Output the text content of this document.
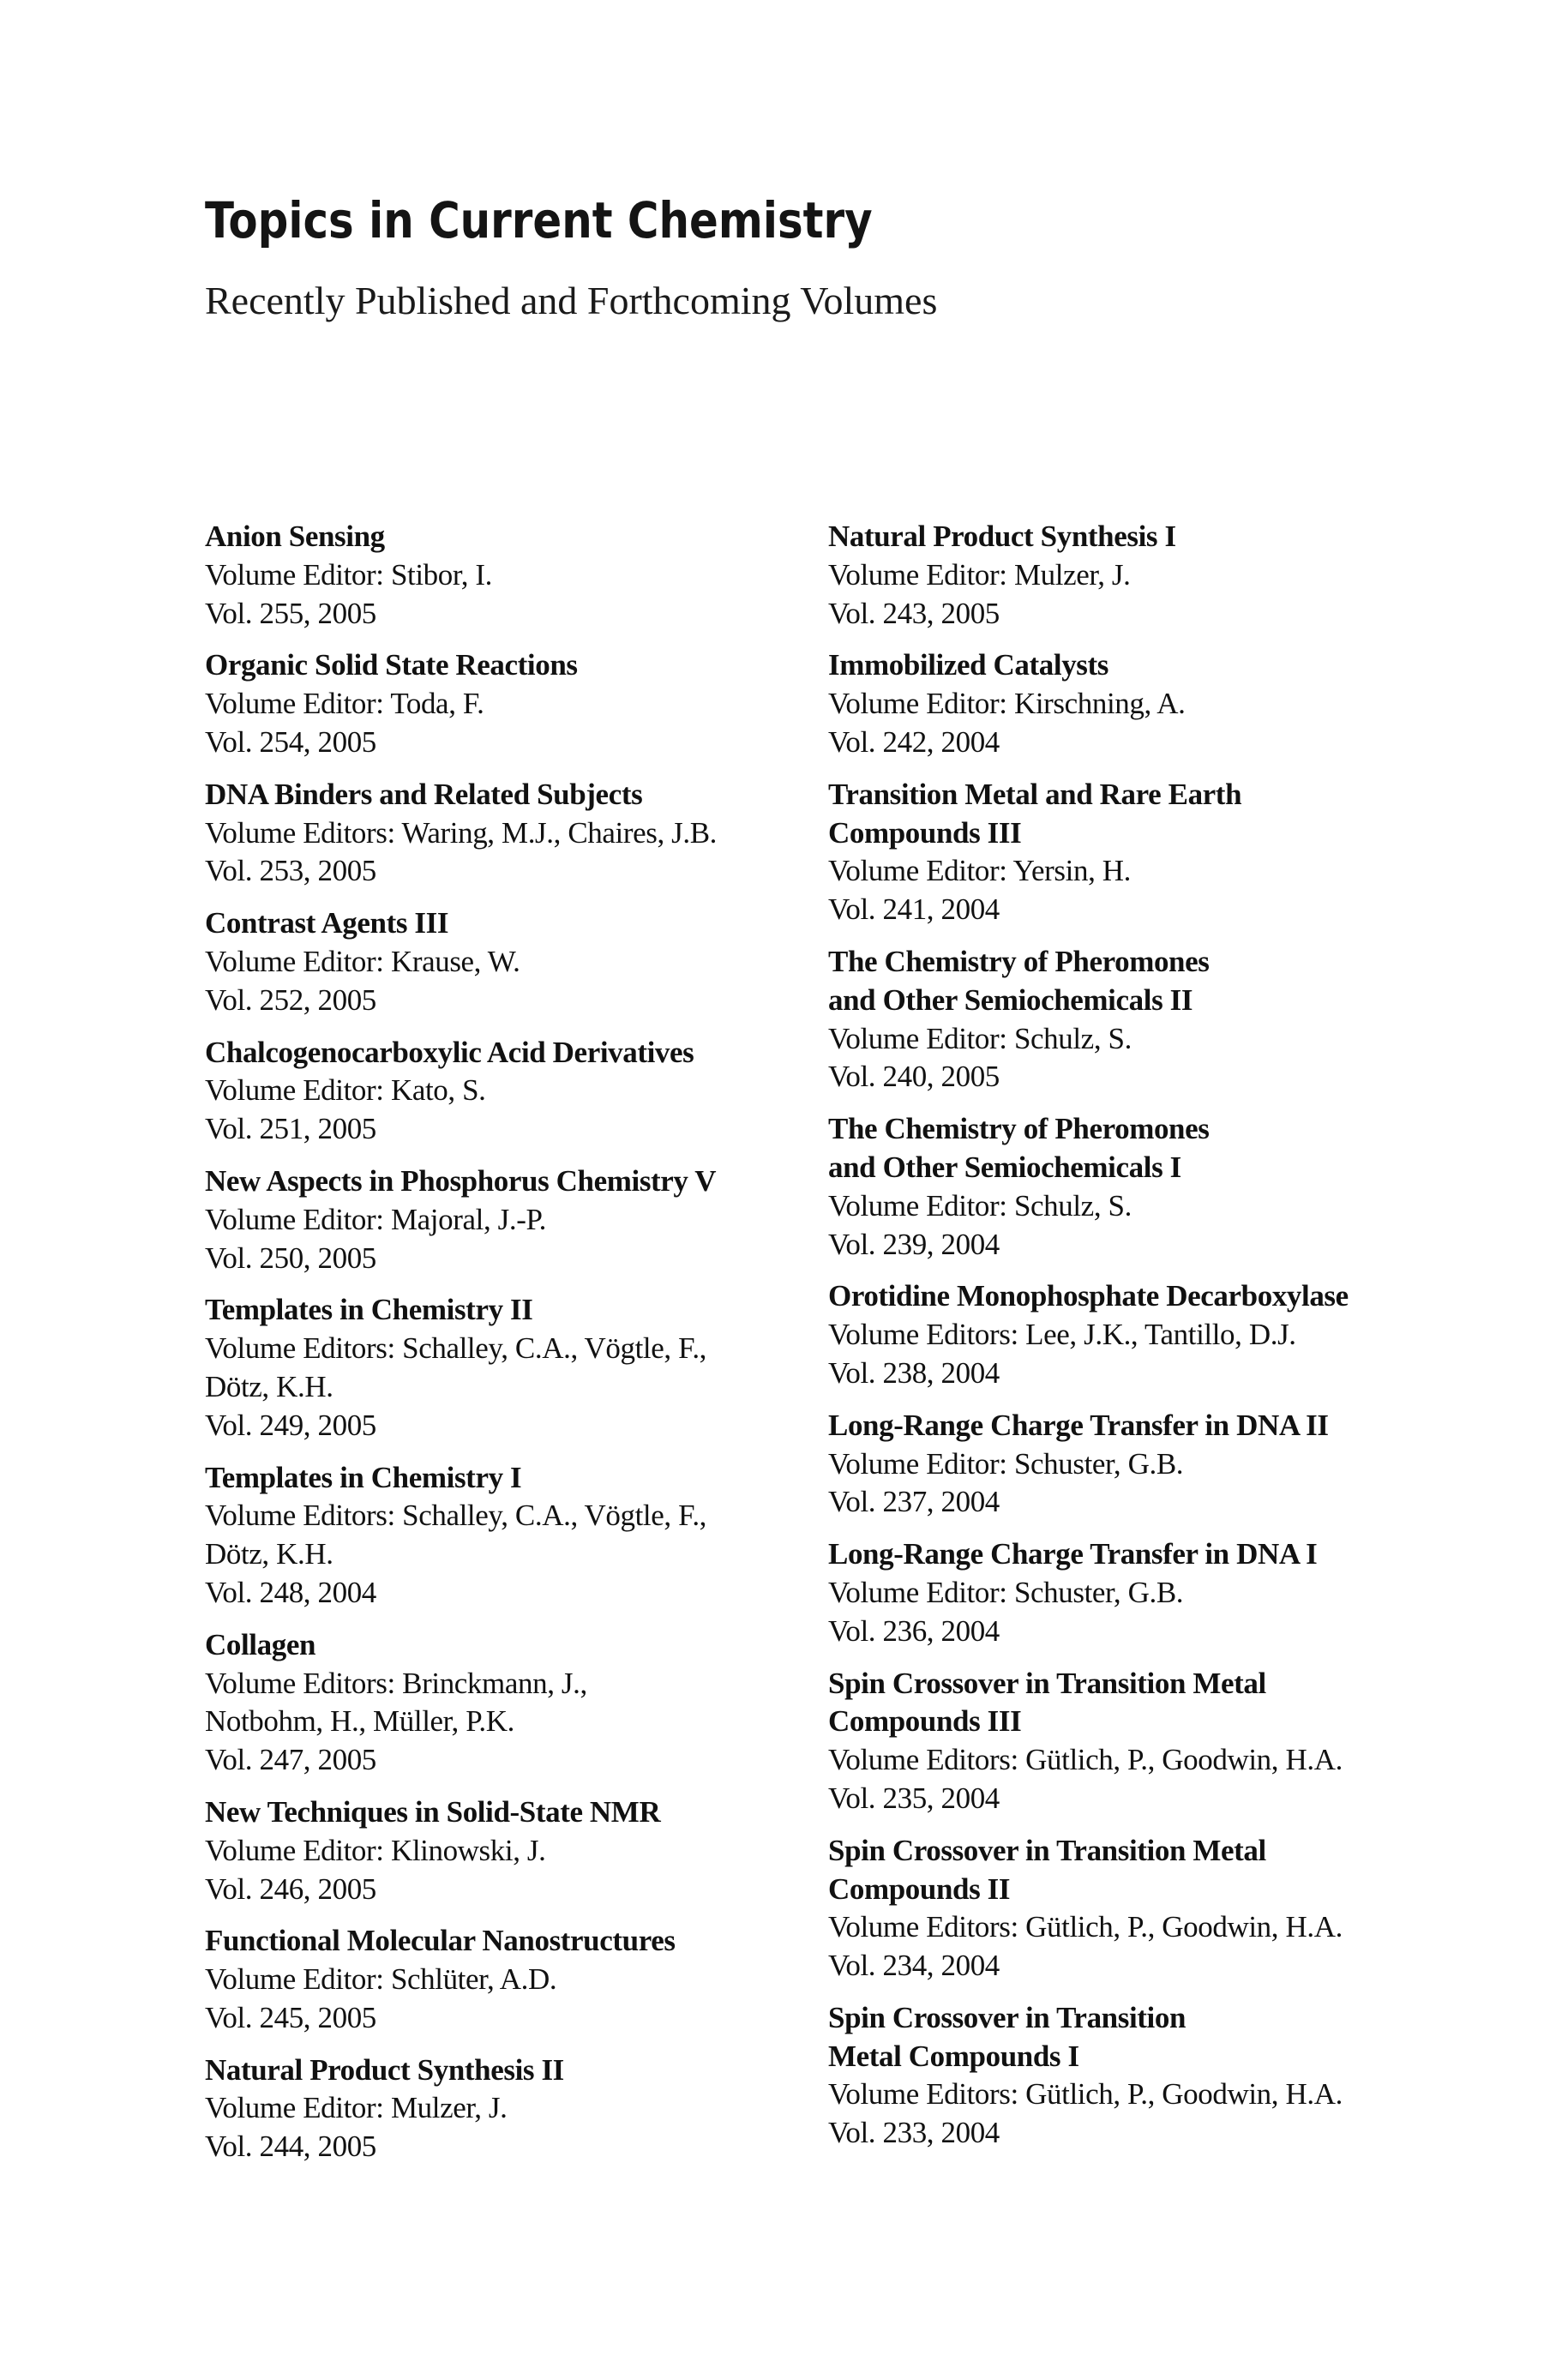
Topics in Current Chemistry
Recently Published and Forthcoming Volumes
Anion Sensing
Volume Editor: Stibor, I.
Vol. 255, 2005
Organic Solid State Reactions
Volume Editor: Toda, F.
Vol. 254, 2005
DNA Binders and Related Subjects
Volume Editors: Waring, M.J., Chaires, J.B.
Vol. 253, 2005
Contrast Agents III
Volume Editor: Krause, W.
Vol. 252, 2005
Chalcogenocarboxylic Acid Derivatives
Volume Editor: Kato, S.
Vol. 251, 2005
New Aspects in Phosphorus Chemistry V
Volume Editor: Majoral, J.-P.
Vol. 250, 2005
Templates in Chemistry II
Volume Editors: Schalley, C.A., Vögtle, F.,
Dötz, K.H.
Vol. 249, 2005
Templates in Chemistry I
Volume Editors: Schalley, C.A., Vögtle, F.,
Dötz, K.H.
Vol. 248, 2004
Collagen
Volume Editors: Brinckmann, J.,
Notbohm, H., Müller, P.K.
Vol. 247, 2005
New Techniques in Solid-State NMR
Volume Editor: Klinowski, J.
Vol. 246, 2005
Functional Molecular Nanostructures
Volume Editor: Schlüter, A.D.
Vol. 245, 2005
Natural Product Synthesis II
Volume Editor: Mulzer, J.
Vol. 244, 2005
Natural Product Synthesis I
Volume Editor: Mulzer, J.
Vol. 243, 2005
Immobilized Catalysts
Volume Editor: Kirschning, A.
Vol. 242, 2004
Transition Metal and Rare Earth
Compounds III
Volume Editor: Yersin, H.
Vol. 241, 2004
The Chemistry of Pheromones
and Other Semiochemicals II
Volume Editor: Schulz, S.
Vol. 240, 2005
The Chemistry of Pheromones
and Other Semiochemicals I
Volume Editor: Schulz, S.
Vol. 239, 2004
Orotidine Monophosphate Decarboxylase
Volume Editors: Lee, J.K., Tantillo, D.J.
Vol. 238, 2004
Long-Range Charge Transfer in DNA II
Volume Editor: Schuster, G.B.
Vol. 237, 2004
Long-Range Charge Transfer in DNA I
Volume Editor: Schuster, G.B.
Vol. 236, 2004
Spin Crossover in Transition Metal
Compounds III
Volume Editors: Gütlich, P., Goodwin, H.A.
Vol. 235, 2004
Spin Crossover in Transition Metal
Compounds II
Volume Editors: Gütlich, P., Goodwin, H.A.
Vol. 234, 2004
Spin Crossover in Transition
Metal Compounds I
Volume Editors: Gütlich, P., Goodwin, H.A.
Vol. 233, 2004
